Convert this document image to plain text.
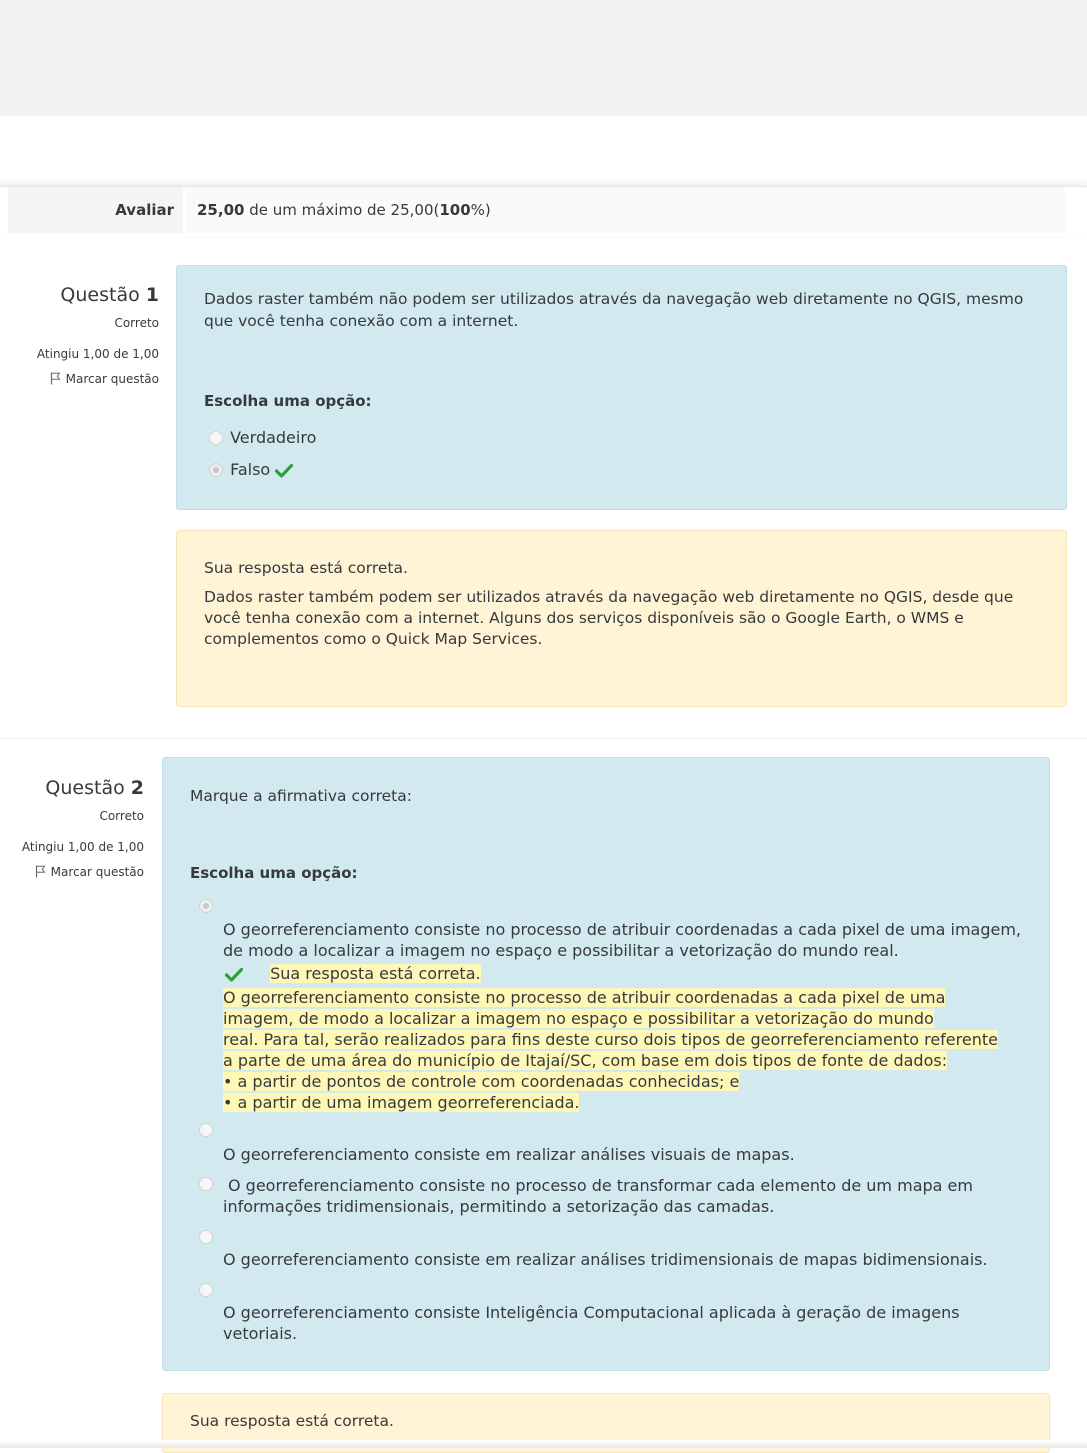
Avaliar	25,00 de um máximo de 25,00(100%)
Questão 1
Correto
Atingiu 1,00 de 1,00
Marcar questão
Dados raster também não podem ser utilizados através da navegação web diretamente no QGIS, mesmo que você tenha conexão com a internet.
Escolha uma opção:
Verdadeiro
Falso
Sua resposta está correta.
Dados raster também podem ser utilizados através da navegação web diretamente no QGIS, desde que você tenha conexão com a internet. Alguns dos serviços disponíveis são o Google Earth, o WMS e complementos como o Quick Map Services.
Questão 2
Correto
Atingiu 1,00 de 1,00
Marcar questão
Marque a afirmativa correta:
Escolha uma opção:
O georreferenciamento consiste no processo de atribuir coordenadas a cada pixel de uma imagem, de modo a localizar a imagem no espaço e possibilitar a vetorização do mundo real.
Sua resposta está correta.
O georreferenciamento consiste no processo de atribuir coordenadas a cada pixel de uma
imagem, de modo a localizar a imagem no espaço e possibilitar a vetorização do mundo
real. Para tal, serão realizados para fins deste curso dois tipos de georreferenciamento referente
a parte de uma área do município de Itajaí/SC, com base em dois tipos de fonte de dados:
• a partir de pontos de controle com coordenadas conhecidas; e
• a partir de uma imagem georreferenciada.
O georreferenciamento consiste em realizar análises visuais de mapas.
O georreferenciamento consiste no processo de transformar cada elemento de um mapa em informações tridimensionais, permitindo a setorização das camadas.
O georreferenciamento consiste em realizar análises tridimensionais de mapas bidimensionais.
O georreferenciamento consiste Inteligência Computacional aplicada à geração de imagens vetoriais.
Sua resposta está correta.
